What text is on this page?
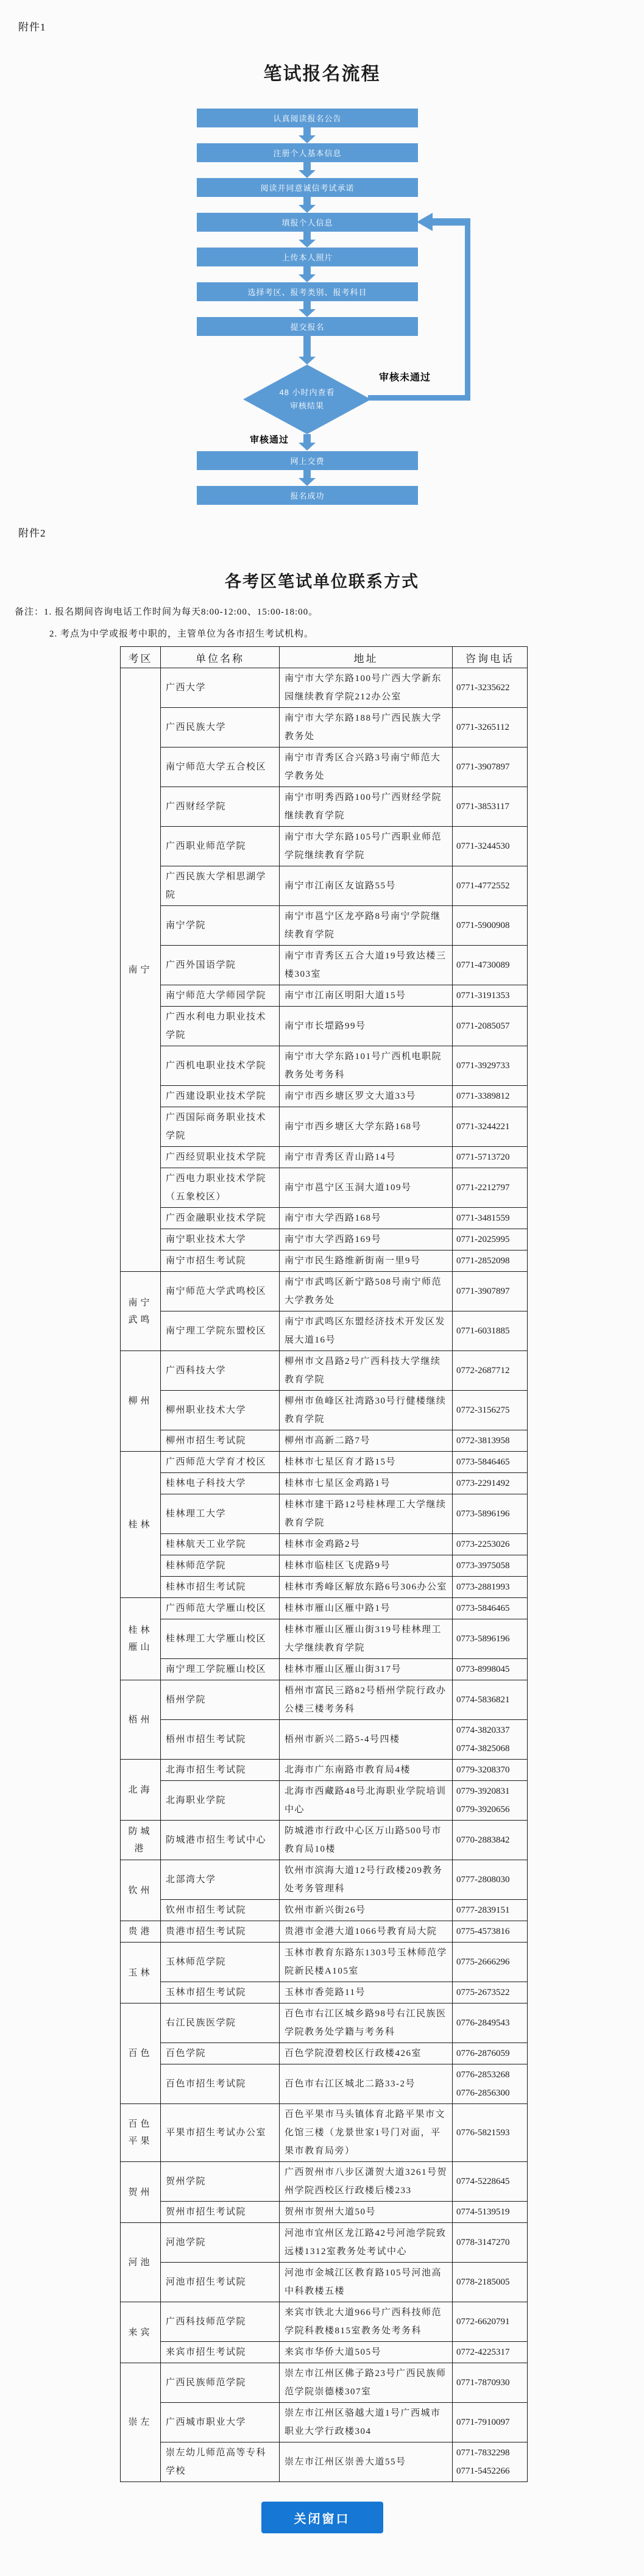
附件1
笔试报名流程
认真阅读报名公告
注册个人基本信息
阅读并同意诚信考试承诺
填报个人信息
上传本人照片
选择考区、报考类别、报考科目
提交报名
48 小时内查看
审核结果
审核未通过
审核通过
网上交费
报名成功
附件2
各考区笔试单位联系方式
备注：1. 报名期间咨询电话工作时间为每天8:00-12:00、15:00-18:00。
2. 考点为中学或报考中职的，主管单位为各市招生考试机构。
考区	单位名称	地址	咨询电话
南宁	广西大学	南宁市大学东路100号广西大学新东园继续教育学院212办公室	0771-3235622

	广西民族大学	南宁市大学东路188号广西民族大学教务处	0771-3265112

	南宁师范大学五合校区	南宁市青秀区合兴路3号南宁师范大学教务处	0771-3907897

	广西财经学院	南宁市明秀西路100号广西财经学院继续教育学院	0771-3853117

	广西职业师范学院	南宁市大学东路105号广西职业师范学院继续教育学院	0771-3244530

	广西民族大学相思湖学院	南宁市江南区友谊路55号	0771-4772552

	南宁学院	南宁市邕宁区龙亭路8号南宁学院继续教育学院	0771-5900908

	广西外国语学院	南宁市青秀区五合大道19号致达楼三楼303室	0771-4730089

	南宁师范大学师园学院	南宁市江南区明阳大道15号	0771-3191353

	广西水利电力职业技术学院	南宁市长堽路99号	0771-2085057

	广西机电职业技术学院	南宁市大学东路101号广西机电职院教务处考务科	0771-3929733

	广西建设职业技术学院	南宁市西乡塘区罗文大道33号	0771-3389812

	广西国际商务职业技术学院	南宁市西乡塘区大学东路168号	0771-3244221

	广西经贸职业技术学院	南宁市青秀区青山路14号	0771-5713720

	广西电力职业技术学院（五象校区）	南宁市邕宁区玉洞大道109号	0771-2212797

	广西金融职业技术学院	南宁市大学西路168号	0771-3481559

	南宁职业技术大学	南宁市大学西路169号	0771-2025995

	南宁市招生考试院	南宁市民生路维新街南一里9号	0771-2852098

南宁武鸣	南宁师范大学武鸣校区	南宁市武鸣区新宁路508号南宁师范大学教务处	0771-3907897

	南宁理工学院东盟校区	南宁市武鸣区东盟经济技术开发区发展大道16号	0771-6031885

柳州	广西科技大学	柳州市文昌路2号广西科技大学继续教育学院	0772-2687712

	柳州职业技术大学	柳州市鱼峰区社湾路30号行健楼继续教育学院	0772-3156275

	柳州市招生考试院	柳州市高新二路7号	0772-3813958

桂林	广西师范大学育才校区	桂林市七星区育才路15号	0773-5846465

	桂林电子科技大学	桂林市七星区金鸡路1号	0773-2291492

	桂林理工大学	桂林市建干路12号桂林理工大学继续教育学院	0773-5896196

	桂林航天工业学院	桂林市金鸡路2号	0773-2253026

	桂林师范学院	桂林市临桂区飞虎路9号	0773-3975058

	桂林市招生考试院	桂林市秀峰区解放东路6号306办公室	0773-2881993

桂林雁山	广西师范大学雁山校区	桂林市雁山区雁中路1号	0773-5846465

	桂林理工大学雁山校区	桂林市雁山区雁山街319号桂林理工大学继续教育学院	0773-5896196

	南宁理工学院雁山校区	桂林市雁山区雁山街317号	0773-8998045

梧州	梧州学院	梧州市富民三路82号梧州学院行政办公楼三楼考务科	0774-5836821

	梧州市招生考试院	梧州市新兴二路5-4号四楼	0774-3820337
0774-3825068

北海	北海市招生考试院	北海市广东南路市教育局4楼	0779-3208370

	北海职业学院	北海市西藏路48号北海职业学院培训中心	0779-3920831
0779-3920656

防城港	防城港市招生考试中心	防城港市行政中心区万山路500号市教育局10楼	0770-2883842

钦州	北部湾大学	钦州市滨海大道12号行政楼209教务处考务管理科	0777-2808030

	钦州市招生考试院	钦州市新兴街26号	0777-2839151

贵港	贵港市招生考试院	贵港市金港大道1066号教育局大院	0775-4573816

玉林	玉林师范学院	玉林市教育东路东1303号玉林师范学院新民楼A105室	0775-2666296

	玉林市招生考试院	玉林市香莞路11号	0775-2673522

百色	右江民族医学院	百色市右江区城乡路98号右江民族医学院教务处学籍与考务科	0776-2849543

	百色学院	百色学院澄碧校区行政楼426室	0776-2876059

	百色市招生考试院	百色市右江区城北二路33-2号	0776-2853268
0776-2856300

百色平果	平果市招生考试办公室	百色平果市马头镇体育北路平果市文化馆三楼（龙景世家1号门对面，平果市教育局旁）	0776-5821593

贺州	贺州学院	广西贺州市八步区潇贺大道3261号贺州学院西校区行政楼后楼233	0774-5228645

	贺州市招生考试院	贺州市贺州大道50号	0774-5139519

河池	河池学院	河池市宜州区龙江路42号河池学院致远楼1312室教务处考试中心	0778-3147270

	河池市招生考试院	河池市金城江区教育路105号河池高中科教楼五楼	0778-2185005

来宾	广西科技师范学院	来宾市铁北大道966号广西科技师范学院科教楼815室教务处考务科	0772-6620791

	来宾市招生考试院	来宾市华侨大道505号	0772-4225317

崇左	广西民族师范学院	崇左市江州区佛子路23号广西民族师范学院崇德楼307室	0771-7870930

	广西城市职业大学	崇左市江州区骆越大道1号广西城市职业大学行政楼304	0771-7910097

	崇左幼儿师范高等专科学校	崇左市江州区崇善大道55号	0771-7832298
0771-5452266
关闭窗口
